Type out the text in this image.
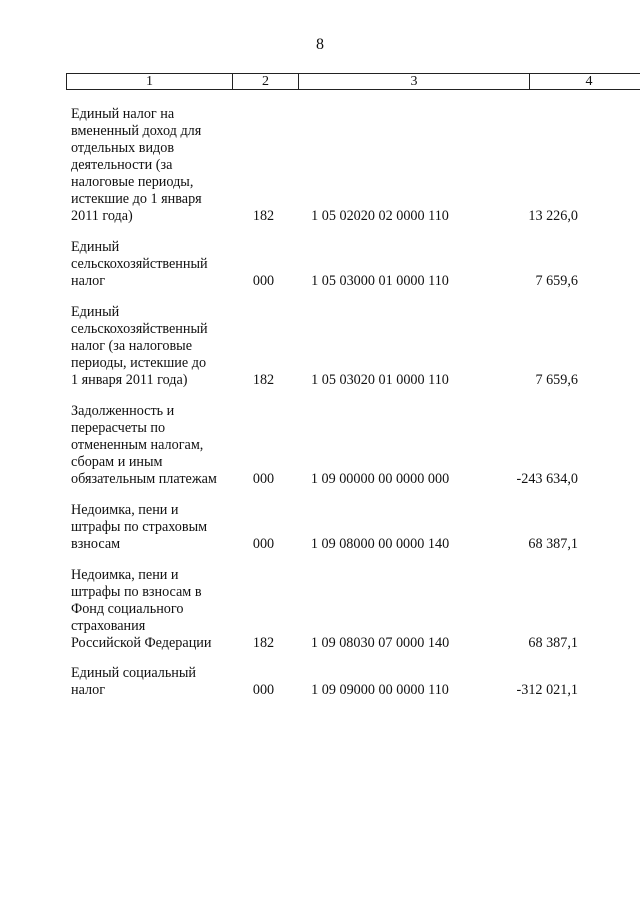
8
1	2	3	4
Единый налог на
вмененный доход для
отдельных видов
деятельности (за
налоговые периоды,
истекшие до 1 января
2011 года)	182	1 05 02020 02 0000 110	13 226,0
Единый
сельскохозяйственный
налог	000	1 05 03000 01 0000 110	7 659,6
Единый
сельскохозяйственный
налог (за налоговые
периоды, истекшие до
1 января 2011 года)	182	1 05 03020 01 0000 110	7 659,6
Задолженность и
перерасчеты по
отмененным налогам,
сборам и иным
обязательным платежам	000	1 09 00000 00 0000 000	-243 634,0
Недоимка, пени и
штрафы по страховым
взносам	000	1 09 08000 00 0000 140	68 387,1
Недоимка, пени и
штрафы по взносам в
Фонд социального
страхования
Российской Федерации	182	1 09 08030 07 0000 140	68 387,1
Единый социальный
налог	000	1 09 09000 00 0000 110	-312 021,1
